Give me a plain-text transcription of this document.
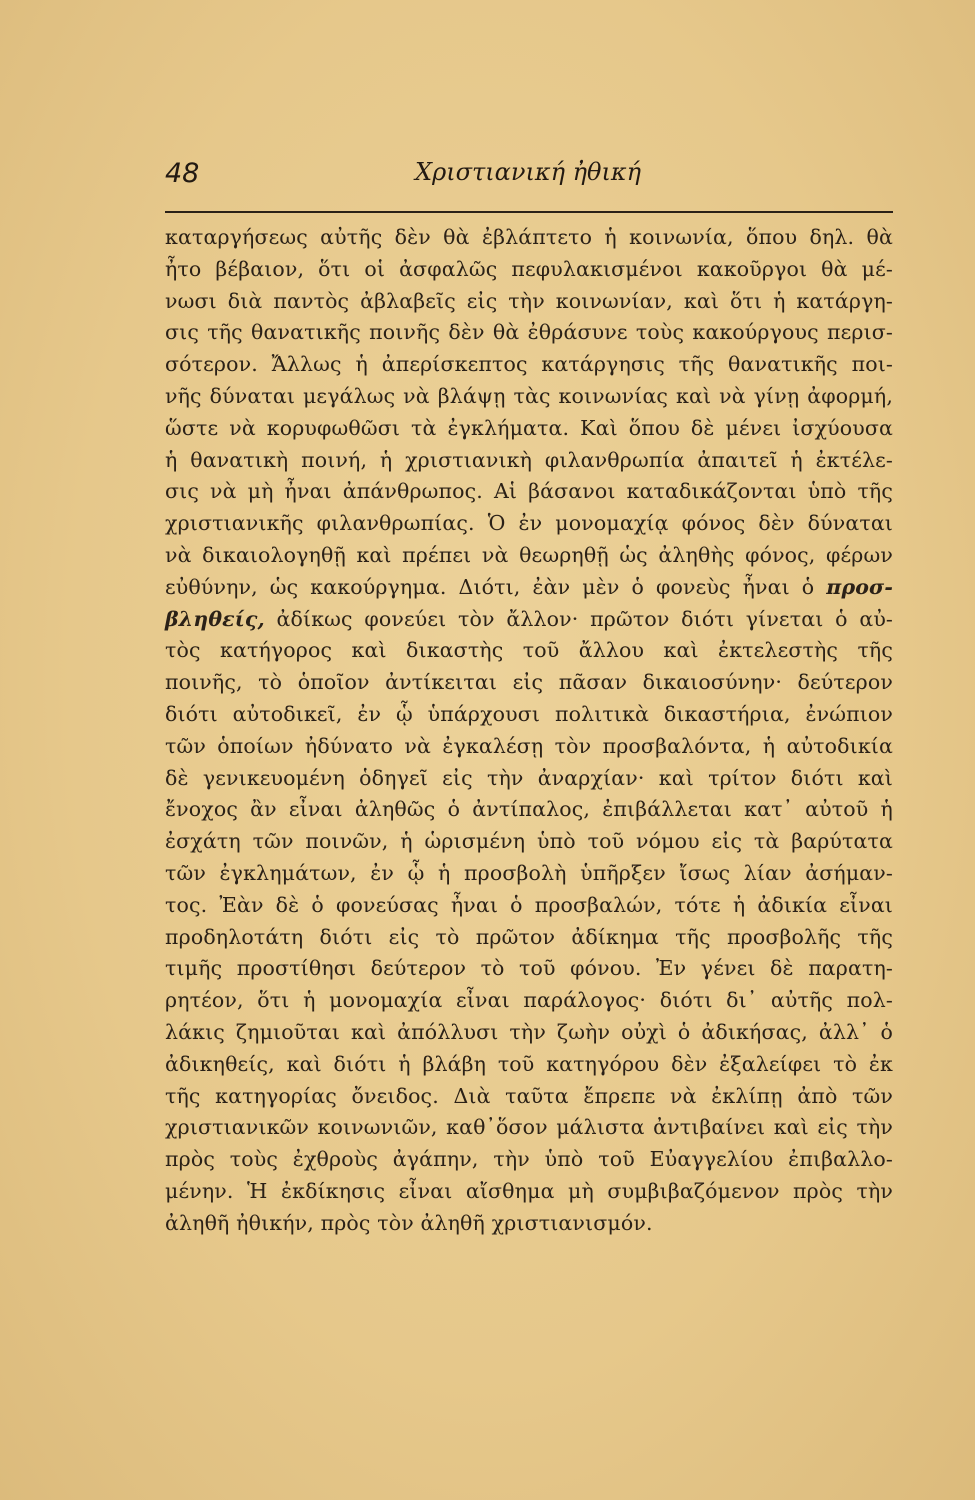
48	Χριστιανική ἠθική
καταργήσεως αὐτῆς δὲν θὰ ἐβλάπτετο ἡ κοινωνία, ὅπου δηλ. θὰ
ἦτο βέβαιον, ὅτι οἱ ἀσφαλῶς πεφυλακισμένοι κακοῦργοι θὰ μέ-
νωσι διὰ παντὸς ἀβλαβεῖς εἰς τὴν κοινωνίαν, καὶ ὅτι ἡ κατάργη-
σις τῆς θανατικῆς ποινῆς δὲν θὰ ἐθράσυνε τοὺς κακούργους περισ-
σότερον. Ἄλλως ἡ ἀπερίσκεπτος κατάργησις τῆς θανατικῆς ποι-
νῆς δύναται μεγάλως νὰ βλάψῃ τὰς κοινωνίας καὶ νὰ γίνῃ ἀφορμή,
ὥστε νὰ κορυφωθῶσι τὰ ἐγκλήματα. Καὶ ὅπου δὲ μένει ἰσχύουσα
ἡ θανατικὴ ποινή, ἡ χριστιανικὴ φιλανθρωπία ἀπαιτεῖ ἡ ἐκτέλε-
σις νὰ μὴ ἦναι ἀπάνθρωπος. Αἱ βάσανοι καταδικάζονται ὑπὸ τῆς
χριστιανικῆς φιλανθρωπίας. Ὁ ἐν μονομαχίᾳ φόνος δὲν δύναται
νὰ δικαιολογηθῇ καὶ πρέπει νὰ θεωρηθῇ ὡς ἀληθὴς φόνος, φέρων
εὐθύνην, ὡς κακούργημα. Διότι, ἐὰν μὲν ὁ φονεὺς ἦναι ὁ προσ-
βληθείς, ἀδίκως φονεύει τὸν ἄλλον· πρῶτον διότι γίνεται ὁ αὐ-
τὸς κατήγορος καὶ δικαστὴς τοῦ ἄλλου καὶ ἐκτελεστὴς τῆς
ποινῆς, τὸ ὁποῖον ἀντίκειται εἰς πᾶσαν δικαιοσύνην· δεύτερον
διότι αὐτοδικεῖ, ἐν ᾧ ὑπάρχουσι πολιτικὰ δικαστήρια, ἐνώπιον
τῶν ὁποίων ἠδύνατο νὰ ἐγκαλέσῃ τὸν προσβαλόντα, ἡ αὐτοδικία
δὲ γενικευομένη ὁδηγεῖ εἰς τὴν ἀναρχίαν· καὶ τρίτον διότι καὶ
ἔνοχος ἂν εἶναι ἀληθῶς ὁ ἀντίπαλος, ἐπιβάλλεται κατ᾽ αὐτοῦ ἡ
ἐσχάτη τῶν ποινῶν, ἡ ὡρισμένη ὑπὸ τοῦ νόμου εἰς τὰ βαρύτατα
τῶν ἐγκλημάτων, ἐν ᾧ ἡ προσβολὴ ὑπῆρξεν ἴσως λίαν ἀσήμαν-
τος. Ἐὰν δὲ ὁ φονεύσας ἦναι ὁ προσβαλών, τότε ἡ ἀδικία εἶναι
προδηλοτάτη διότι εἰς τὸ πρῶτον ἀδίκημα τῆς προσβολῆς τῆς
τιμῆς προστίθησι δεύτερον τὸ τοῦ φόνου. Ἐν γένει δὲ παρατη-
ρητέον, ὅτι ἡ μονομαχία εἶναι παράλογος· διότι δι᾽ αὐτῆς πολ-
λάκις ζημιοῦται καὶ ἀπόλλυσι τὴν ζωὴν οὐχὶ ὁ ἀδικήσας, ἀλλ᾽ ὁ
ἀδικηθείς, καὶ διότι ἡ βλάβη τοῦ κατηγόρου δὲν ἐξαλείφει τὸ ἐκ
τῆς κατηγορίας ὄνειδος. Διὰ ταῦτα ἔπρεπε νὰ ἐκλίπῃ ἀπὸ τῶν
χριστιανικῶν κοινωνιῶν, καθ᾽ὅσον μάλιστα ἀντιβαίνει καὶ εἰς τὴν
πρὸς τοὺς ἐχθροὺς ἀγάπην, τὴν ὑπὸ τοῦ Εὐαγγελίου ἐπιβαλλο-
μένην. Ἡ ἐκδίκησις εἶναι αἴσθημα μὴ συμβιβαζόμενον πρὸς τὴν
ἀληθῆ ἠθικήν, πρὸς τὸν ἀληθῆ χριστιανισμόν.
